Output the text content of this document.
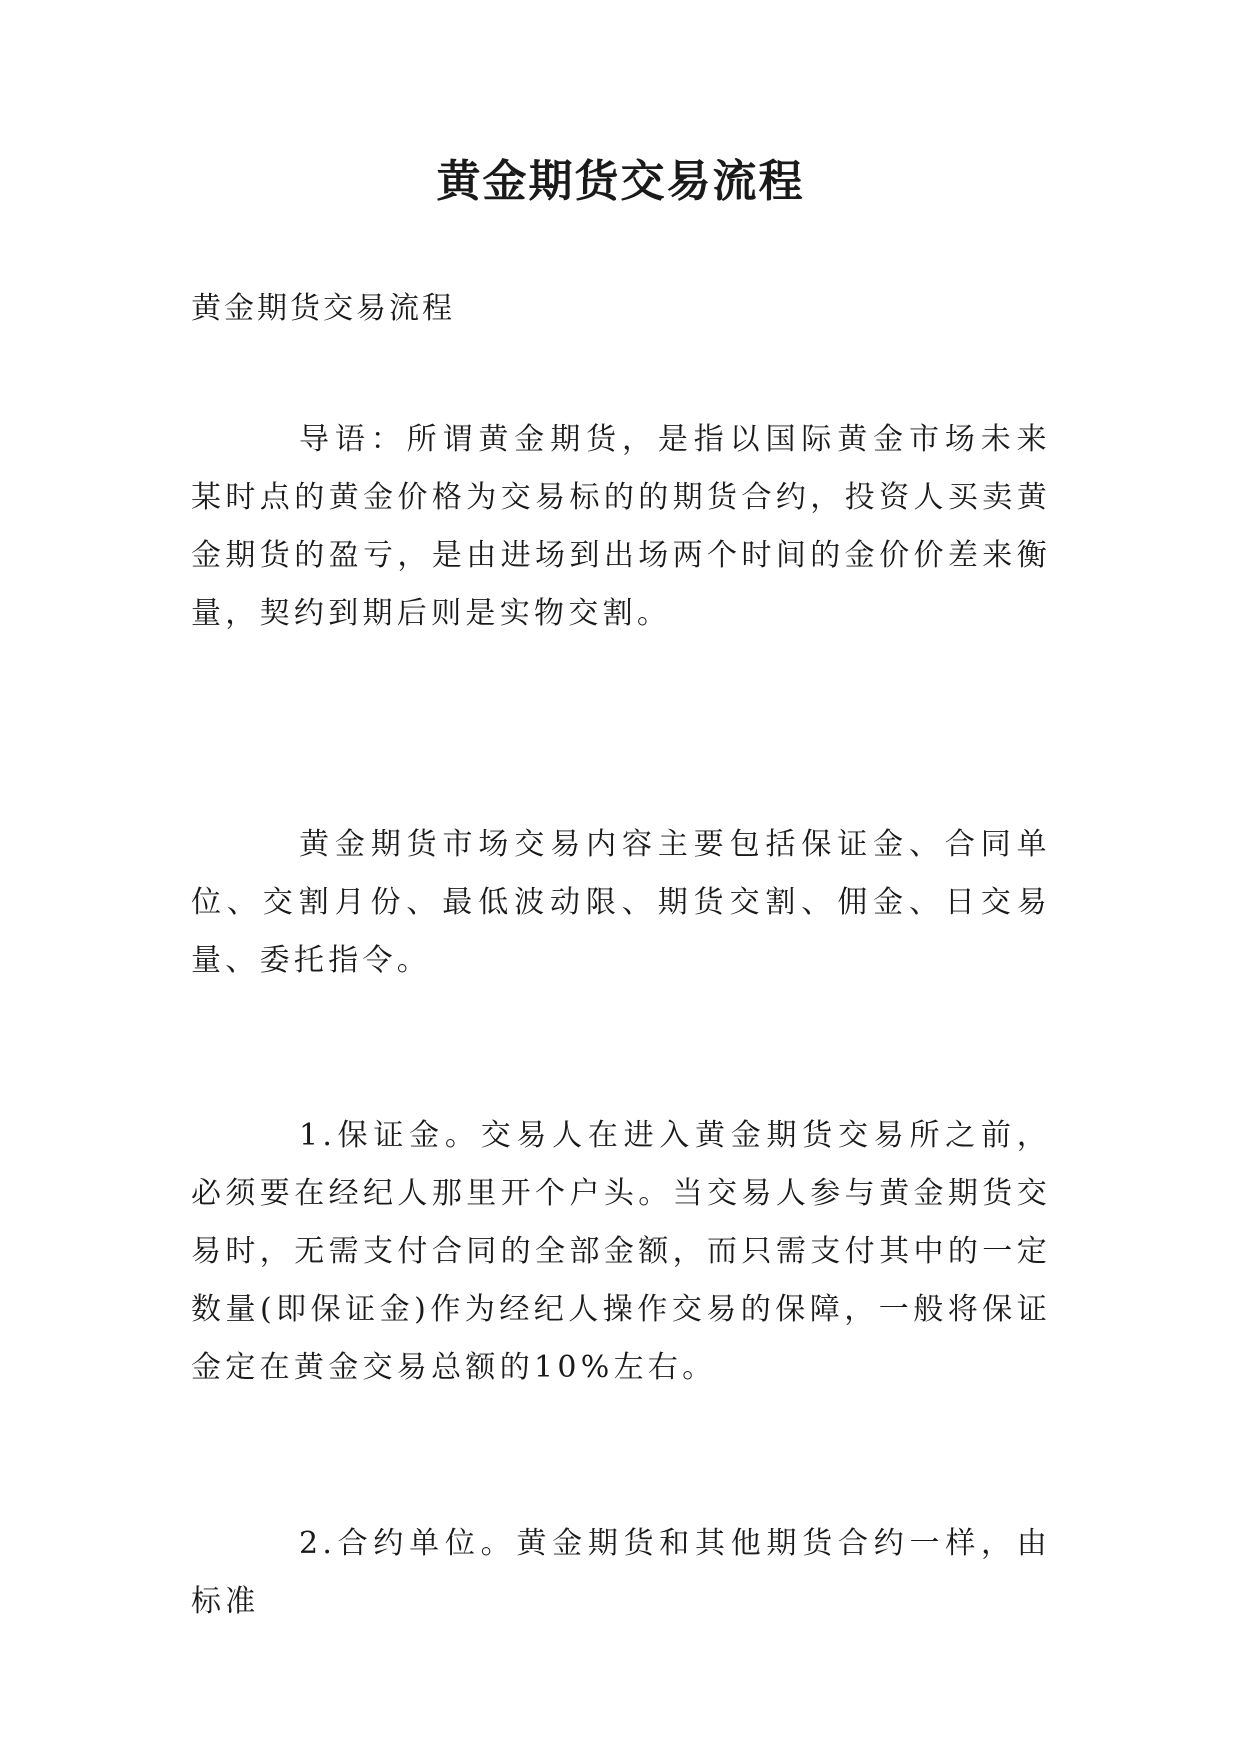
黄金期货交易流程

黄金期货交易流程

导语：所谓黄金期货，是指以国际黄金市场未来某时点的黄金价格为交易标的的期货合约，投资人买卖黄金期货的盈亏，是由进场到出场两个时间的金价价差来衡量，契约到期后则是实物交割。

黄金期货市场交易内容主要包括保证金、合同单位、交割月份、最低波动限、期货交割、佣金、日交易量、委托指令。

1.保证金。交易人在进入黄金期货交易所之前，必须要在经纪人那里开个户头。当交易人参与黄金期货交易时，无需支付合同的全部金额，而只需支付其中的一定数量(即保证金)作为经纪人操作交易的保障，一般将保证金定在黄金交易总额的10%左右。

2.合约单位。黄金期货和其他期货合约一样，由标准
